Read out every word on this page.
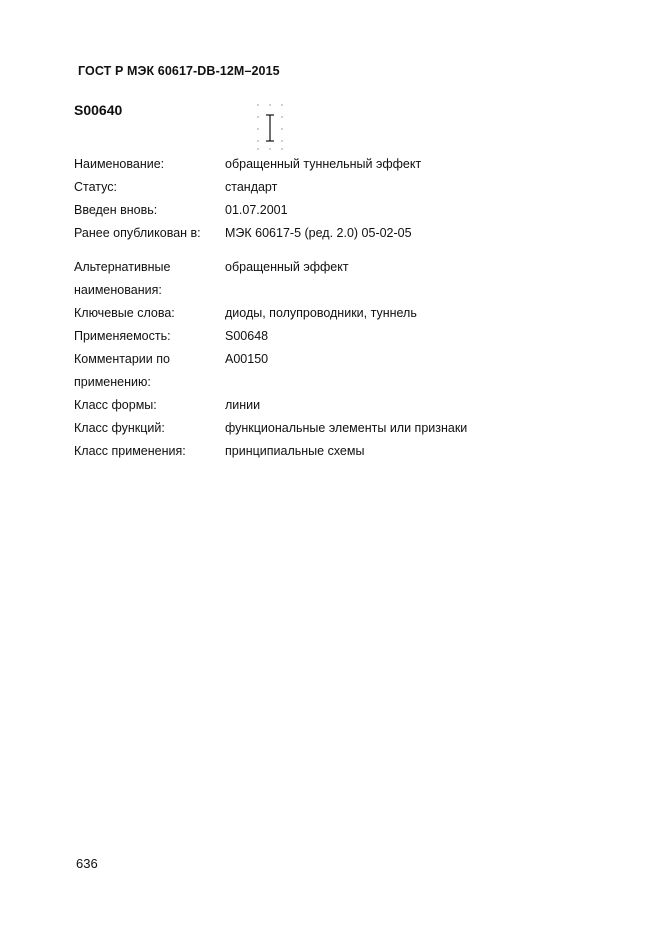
ГОСТ Р МЭК 60617-DB-12M–2015
S00640
Наименование:	обращенный туннельный эффект
Статус:	стандарт
Введен вновь:	01.07.2001
Ранее опубликован в:	МЭК 60617-5 (ред. 2.0) 05-02-05
Альтернативные
наименования:
обращенный эффект
Ключевые слова:	диоды, полупроводники, туннель
Применяемость:	S00648
Комментарии по
применению:
A00150
Класс формы:	линии
Класс функций:	функциональные элементы или признаки
Класс применения:	принципиальные схемы
636
